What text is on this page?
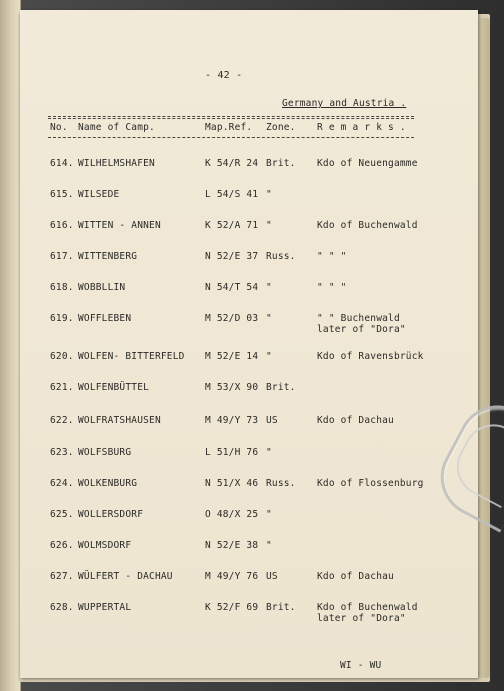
- 42 -
Germany and Austria .
No. Name of Camp.	Map.Ref. Zone. R e m a r k s .
614. WILHELMSHAFEN	K 54/R 24 Brit. Kdo of Neuengamme
615. WILSEDE	L 54/S 41 "
616. WITTEN - ANNEN	K 52/A 71 "	Kdo of Buchenwald
617. WITTENBERG	N 52/E 37 Russ. " " "
618. WOBBLLIN	N 54/T 54 "	" " "
619. WOFFLEBEN	M 52/D 03 "	" " Buchenwald
later of "Dora"
620. WOLFEN- BITTERFELD M 52/E 14 "	Kdo of Ravensbrück
621. WOLFENBÜTTEL	M 53/X 90 Brit.
622. WOLFRATSHAUSEN	M 49/Y 73 US	Kdo of Dachau
623. WOLFSBURG	L 51/H 76 "
624. WOLKENBURG	N 51/X 46 Russ. Kdo of Flossenburg
625. WOLLERSDORF	O 48/X 25 "
626. WOLMSDORF	N 52/E 38 "
627. WÜLFERT - DACHAU	M 49/Y 76 US	Kdo of Dachau
628. WUPPERTAL	K 52/F 69 Brit. Kdo of Buchenwald
later of "Dora"
WI - WU
